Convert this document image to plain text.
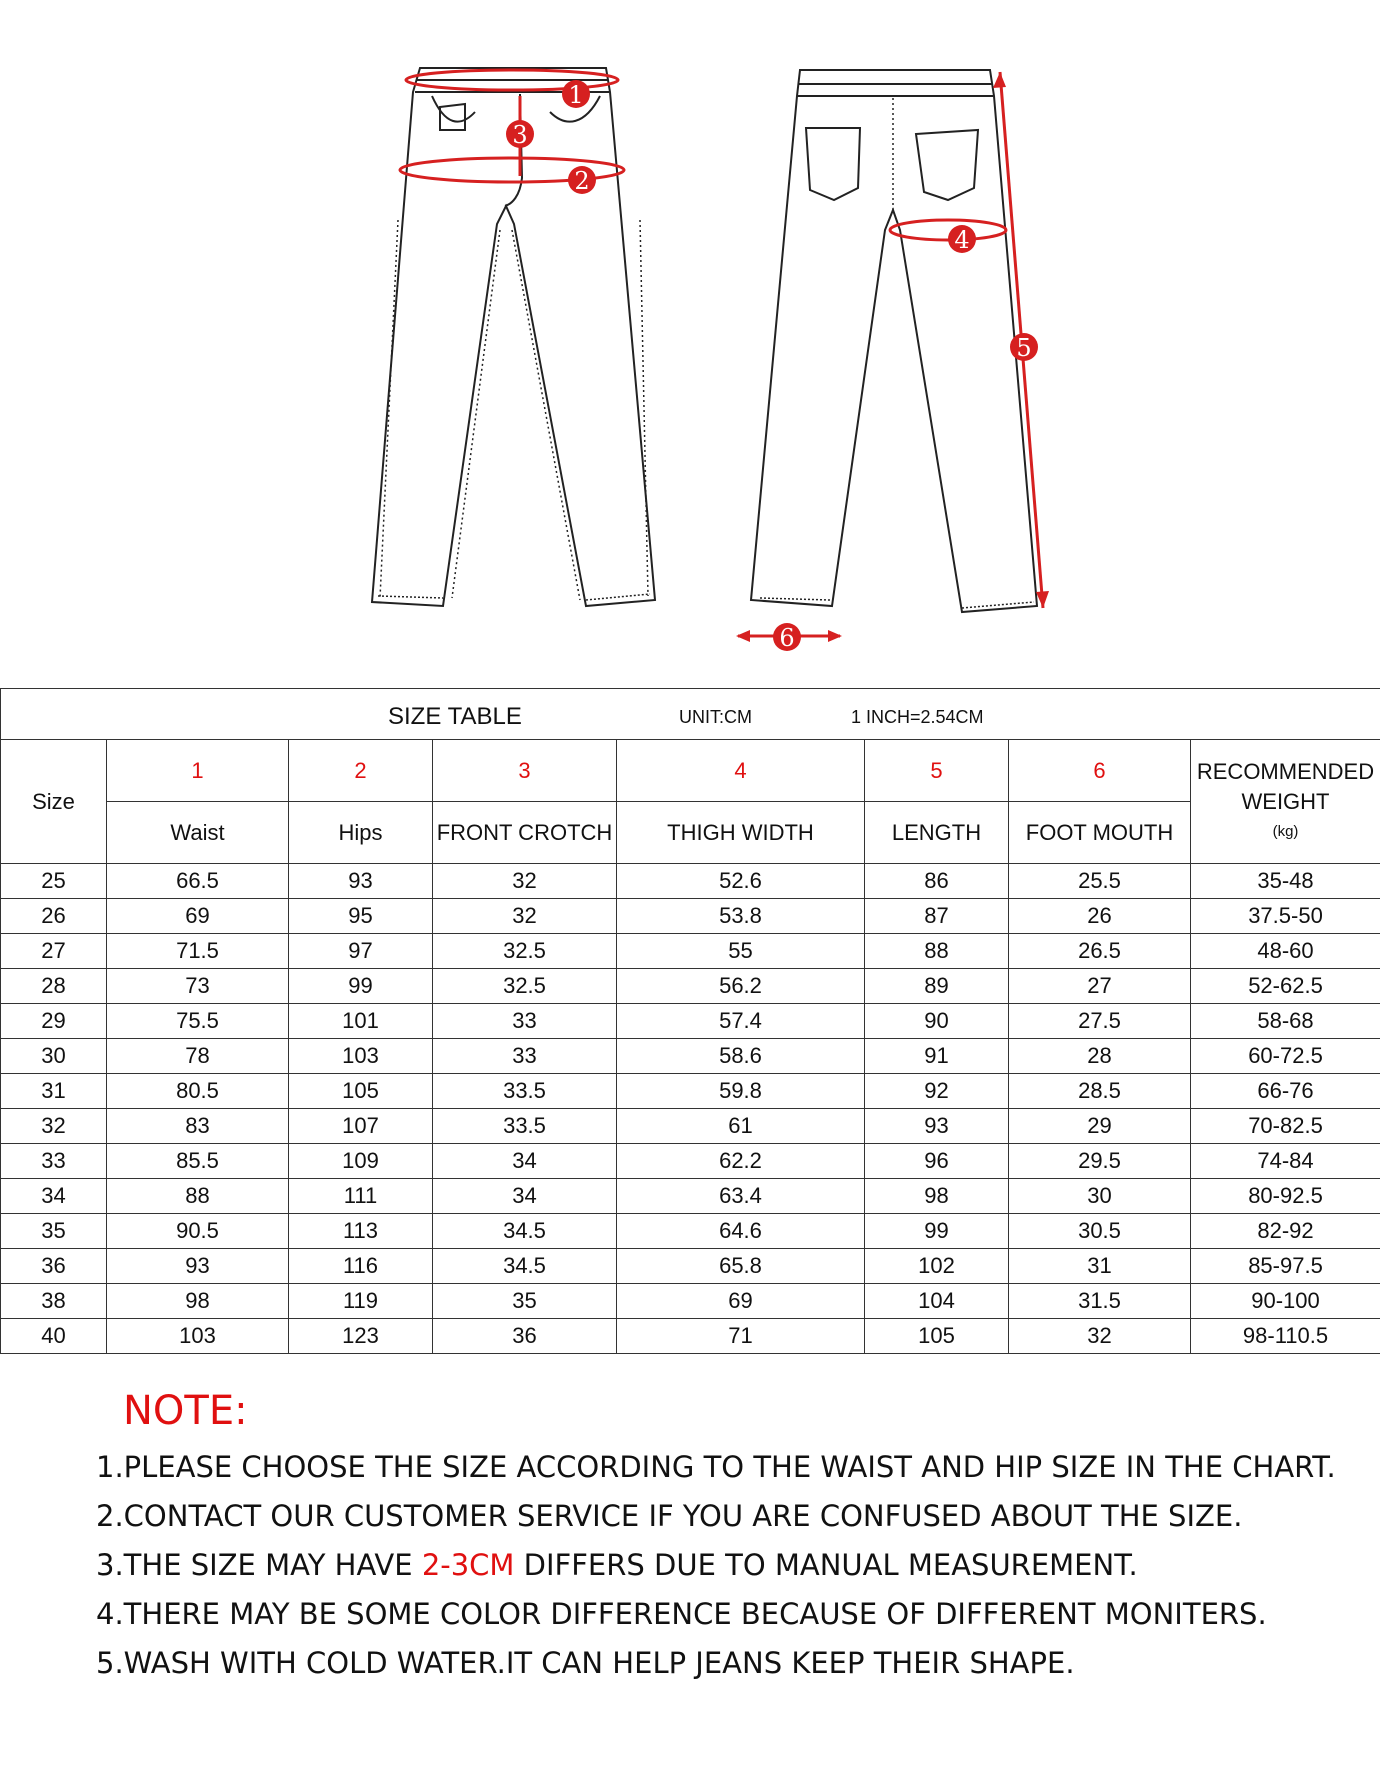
1
2
3
4
5
6
SIZE TABLE UNIT:CM 1 INCH=2.54CM							

Size	1	2	3	4	5	6	RECOMMENDED WEIGHT
(kg)

	Waist	Hips	FRONT CROTCH	THIGH WIDTH	LENGTH	FOOT MOUTH	
25	66.5	93	32	52.6	86	25.5	35-48
26	69	95	32	53.8	87	26	37.5-50
27	71.5	97	32.5	55	88	26.5	48-60
28	73	99	32.5	56.2	89	27	52-62.5
29	75.5	101	33	57.4	90	27.5	58-68
30	78	103	33	58.6	91	28	60-72.5
31	80.5	105	33.5	59.8	92	28.5	66-76
32	83	107	33.5	61	93	29	70-82.5
33	85.5	109	34	62.2	96	29.5	74-84
34	88	111	34	63.4	98	30	80-92.5
35	90.5	113	34.5	64.6	99	30.5	82-92
36	93	116	34.5	65.8	102	31	85-97.5
38	98	119	35	69	104	31.5	90-100
40	103	123	36	71	105	32	98-110.5
NOTE:
1.PLEASE CHOOSE THE SIZE ACCORDING TO THE WAIST AND HIP SIZE IN THE CHART.
2.CONTACT OUR CUSTOMER SERVICE IF YOU ARE CONFUSED ABOUT THE SIZE.
3.THE SIZE MAY HAVE 2-3CM DIFFERS DUE TO MANUAL MEASUREMENT.
4.THERE MAY BE SOME COLOR DIFFERENCE BECAUSE OF DIFFERENT MONITERS.
5.WASH WITH COLD WATER.IT CAN HELP JEANS KEEP THEIR SHAPE.
